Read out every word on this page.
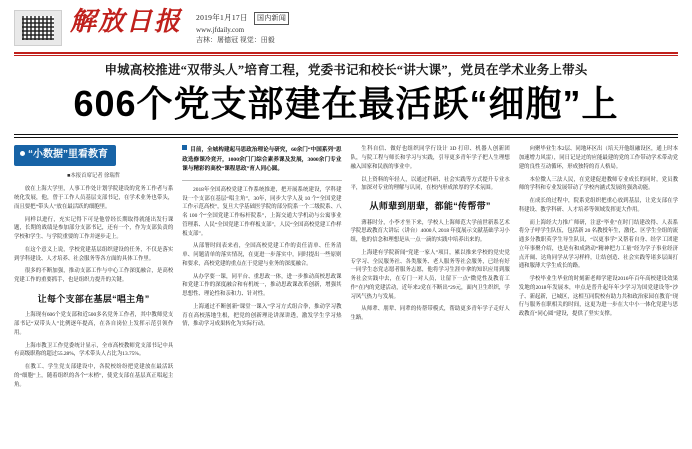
解放日报 2019年1月17日 国内新闻
www.jfdaily.com
吉林：屠德冠 视觉：田毅
申城高校推进“双带头人”培育工程，党委书记和校长“讲大课”，党员在学术业务上带头
606个党支部建在最活跃“细胞”上
“小数据”里看教育
■本报首席记者 徐瑞哲

放在上海大学里，人事工作处计划学院建设的党务工作者与系统化发展，他，曾于工作人员基层支部书记，在学术业务也带头，而且要把“带头人”放在最活跃的细胞里。

同样以进行，充实记得下可是他曾经长期取得就能出发行课题，长期的战绩是参加部分支部书记，还有一个，作为支部负责的学校和学生、与学院重要的工作并逐步走上。

在这个意义上说，学校党建基层组织建设的任务，不仅是落实到学科建设、人才培养、社会服务等各方面的具体工作里。

很多的不断加强，推动支部工作与中心工作深度融合，是高校党建工作的重要抓手，也是组织力提升的关键。

让每个支部在基层“唱主角”

上海现有606个党支部和近500多名党务工作者，其中教师党支部书记“双带头人”比例逐年提高，在各自岗位上发挥示范引领作用。

上海市教卫工作党委统计显示，全市高校教师党支部书记中具有高级职称的超过55.28%，学术带头人占比为13.75%。

在教工、学生党支部建设中，各院校纷纷把党建放在最活跃的“细胞”上，随着组织的各个“末梢”，使党支部在基层真正唱起主角。

目前，全城构建起马思政治理论与研究，60余门“中国系列”思政选修课冷竞开，1000余门门综合素养课及发展，3000余门专业课与精彩的高校“课程思政”育人同心圆。

2018年全国高校党建工作系统推进，把开展系统建设，学科建设一个支部在基层“唱主角”，30年，同步大学人及 10 个“全国党建工作示范高校”，复旦大学基础医学院的部分院系一个二级院系、八名 100 个“全国党建工作标杆院系”，上海交通大学机动与公寓事业管理系、人民“全国党建工作样板支部”，人民“全国高校党建工作样板支部”。

从部署时间表来看，全国高校党建工作的责任清单、任务清单、问题清单的落实情况，在更进一步落实中，同时提出一些原则和要求，高校党建的重点在于党建与业务的深度融合。

从办学要一课，同平台、重思政一体，进一步推动高校思政课和党建工作的深度融合和有机统一，推动思政课改革创新，增强其思想性、理论性和亲和力、针对性。

上海通过不断创新“课堂一课入”学习方式组合拳，推动学习教育在高校落地生根，把党的创新理论讲深讲透，激发学生学习热情，推动学习成果转化为实际行动。

生科自信、做好也组织同学行设计 3D 打印、机器人创新团队，与院工程与师长和学习与实践，引导更多青年学子把人生理想融入国家和民族的事业中。

以上资料的年轻人，以通过科研、社会实践等方式提升专业水平，加深对专业的理解与认同，在校内形成浓厚的学术氛围。

从师辈到朋辈，都能“传帮带”

薄暮时分，小李才坐下来，学校人上海师范大学前世新系艺术学院思政教育大讲坛（讲台）4000人 2018 年度展示文献基础学习小组，他的信念和理想是从一点一滴的实践中培养出来的。

上海建有学院新闻“党建一家人”项目，累以推来学校的党史党专学习、全民服务社、各类服务、老人服务等社会服务，已经有好一同学生态党志愿者服务志愿，他将学习生涯中拿的知识应用到服务社会实践中去，在专门一对人员，让留下一点“微党性及教育工作”在内的党建活动，近年来2党在不断出“29元，面内卫生织织，学习风气热力与发展。

从师辈、朋辈、同辈的传帮带模式，帮助更多青年学子走好人生路。

向聚毕业生本2层、同地环区出（培天开他组融设区，通上时本加速增力风雷），同日记是过的应能最建的党的工作带动学术带动党建的良性互动循环，形成独特的育人格局。

本位微人三法人民，在党建促进教师专业成长的同时，党员教师的学科和专业发展带动了学校内涵式发展的强劲动能。

在成长的过程中，院系党组织把重心放到基层，让党支部在学科建设、教学科研、人才培养等领域发挥更大作用。

而上海经大力推广师研，注意“毕业”在时门结建改得、人表系将分子呼学生队伍，包括新 20 名教授年生，激化、区学生全组的流通多分教职英学生导生队员，“以更事学”又帮着自身、经学工团建立年事聚介绍，也是有和成熟动“精神把力工量”经为学子事业经济点开阔、达角同学从学习样样，让结创造、社会实践等诸多层面打通和服薄大学生成长的路。

学校毕业生毕业的时刻新老师学建设2016年百年高校建设效果发地的2018年发展本，申点是普升起年年少学习为国党建设等“沙子、新起新，已城区，这相互同院校有助力共和政治家园在教育”现行与服务在职相关的时间，这更为进一步在大中小一体化党建与思政教育“同心圆”建设，提供了坚实支撑。
